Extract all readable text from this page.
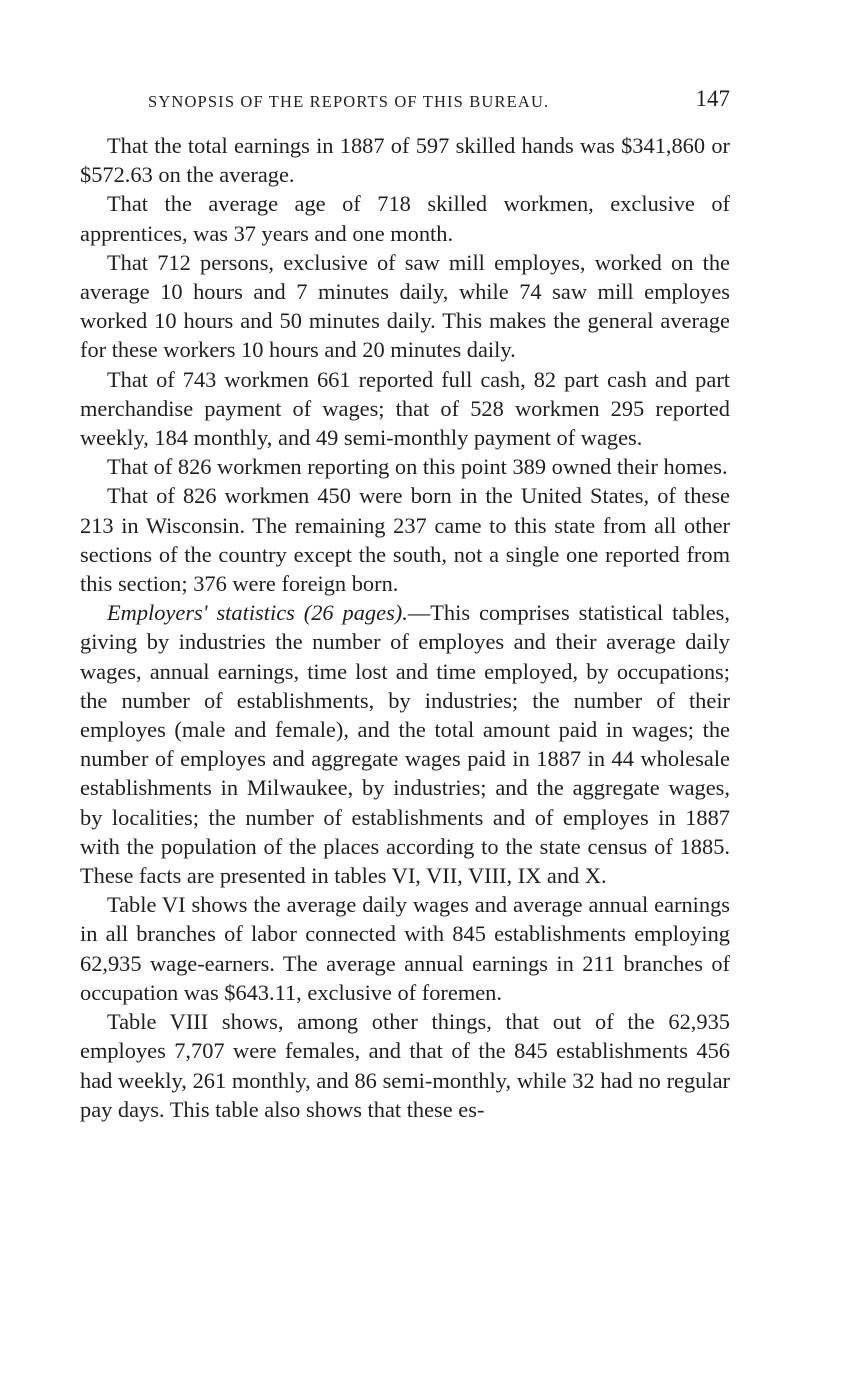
SYNOPSIS OF THE REPORTS OF THIS BUREAU.	147

That the total earnings in 1887 of 597 skilled hands was $341,860 or $572.63 on the average.

That the average age of 718 skilled workmen, exclusive of apprentices, was 37 years and one month.

That 712 persons, exclusive of saw mill employes, worked on the average 10 hours and 7 minutes daily, while 74 saw mill employes worked 10 hours and 50 minutes daily. This makes the general average for these workers 10 hours and 20 minutes daily.

That of 743 workmen 661 reported full cash, 82 part cash and part merchandise payment of wages; that of 528 workmen 295 reported weekly, 184 monthly, and 49 semi-monthly payment of wages.

That of 826 workmen reporting on this point 389 owned their homes.

That of 826 workmen 450 were born in the United States, of these 213 in Wisconsin. The remaining 237 came to this state from all other sections of the country except the south, not a single one reported from this section; 376 were foreign born.

Employers' statistics (26 pages).—This comprises statistical tables, giving by industries the number of employes and their average daily wages, annual earnings, time lost and time employed, by occupations; the number of establishments, by industries; the number of their employes (male and female), and the total amount paid in wages; the number of employes and aggregate wages paid in 1887 in 44 wholesale establishments in Milwaukee, by industries; and the aggregate wages, by localities; the number of establishments and of employes in 1887 with the population of the places according to the state census of 1885. These facts are presented in tables VI, VII, VIII, IX and X.

Table VI shows the average daily wages and average annual earnings in all branches of labor connected with 845 establishments employing 62,935 wage-earners. The average annual earnings in 211 branches of occupation was $643.11, exclusive of foremen.

Table VIII shows, among other things, that out of the 62,935 employes 7,707 were females, and that of the 845 establishments 456 had weekly, 261 monthly, and 86 semi-monthly, while 32 had no regular pay days. This table also shows that these es-
